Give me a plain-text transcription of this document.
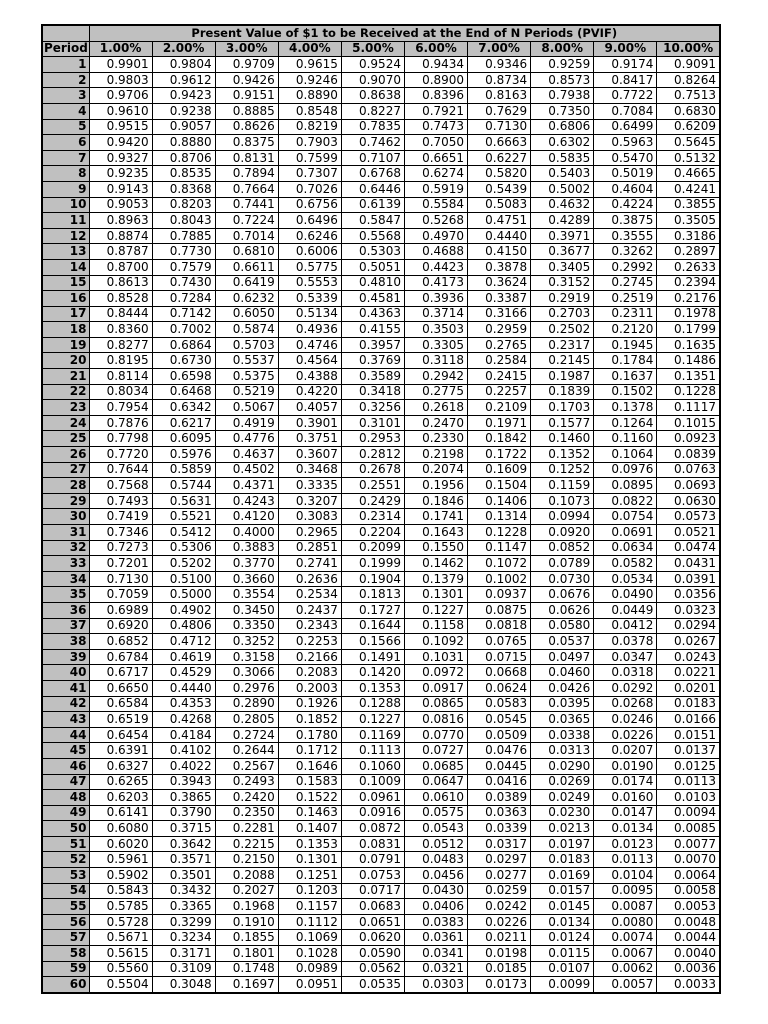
	Present Value of $1 to be Received at the End of N Periods (PVIF)									
Period	1.00%	2.00%	3.00%	4.00%	5.00%	6.00%	7.00%	8.00%	9.00%	10.00%
1	0.9901	0.9804	0.9709	0.9615	0.9524	0.9434	0.9346	0.9259	0.9174	0.9091
2	0.9803	0.9612	0.9426	0.9246	0.9070	0.8900	0.8734	0.8573	0.8417	0.8264
3	0.9706	0.9423	0.9151	0.8890	0.8638	0.8396	0.8163	0.7938	0.7722	0.7513
4	0.9610	0.9238	0.8885	0.8548	0.8227	0.7921	0.7629	0.7350	0.7084	0.6830
5	0.9515	0.9057	0.8626	0.8219	0.7835	0.7473	0.7130	0.6806	0.6499	0.6209
6	0.9420	0.8880	0.8375	0.7903	0.7462	0.7050	0.6663	0.6302	0.5963	0.5645
7	0.9327	0.8706	0.8131	0.7599	0.7107	0.6651	0.6227	0.5835	0.5470	0.5132
8	0.9235	0.8535	0.7894	0.7307	0.6768	0.6274	0.5820	0.5403	0.5019	0.4665
9	0.9143	0.8368	0.7664	0.7026	0.6446	0.5919	0.5439	0.5002	0.4604	0.4241
10	0.9053	0.8203	0.7441	0.6756	0.6139	0.5584	0.5083	0.4632	0.4224	0.3855
11	0.8963	0.8043	0.7224	0.6496	0.5847	0.5268	0.4751	0.4289	0.3875	0.3505
12	0.8874	0.7885	0.7014	0.6246	0.5568	0.4970	0.4440	0.3971	0.3555	0.3186
13	0.8787	0.7730	0.6810	0.6006	0.5303	0.4688	0.4150	0.3677	0.3262	0.2897
14	0.8700	0.7579	0.6611	0.5775	0.5051	0.4423	0.3878	0.3405	0.2992	0.2633
15	0.8613	0.7430	0.6419	0.5553	0.4810	0.4173	0.3624	0.3152	0.2745	0.2394
16	0.8528	0.7284	0.6232	0.5339	0.4581	0.3936	0.3387	0.2919	0.2519	0.2176
17	0.8444	0.7142	0.6050	0.5134	0.4363	0.3714	0.3166	0.2703	0.2311	0.1978
18	0.8360	0.7002	0.5874	0.4936	0.4155	0.3503	0.2959	0.2502	0.2120	0.1799
19	0.8277	0.6864	0.5703	0.4746	0.3957	0.3305	0.2765	0.2317	0.1945	0.1635
20	0.8195	0.6730	0.5537	0.4564	0.3769	0.3118	0.2584	0.2145	0.1784	0.1486
21	0.8114	0.6598	0.5375	0.4388	0.3589	0.2942	0.2415	0.1987	0.1637	0.1351
22	0.8034	0.6468	0.5219	0.4220	0.3418	0.2775	0.2257	0.1839	0.1502	0.1228
23	0.7954	0.6342	0.5067	0.4057	0.3256	0.2618	0.2109	0.1703	0.1378	0.1117
24	0.7876	0.6217	0.4919	0.3901	0.3101	0.2470	0.1971	0.1577	0.1264	0.1015
25	0.7798	0.6095	0.4776	0.3751	0.2953	0.2330	0.1842	0.1460	0.1160	0.0923
26	0.7720	0.5976	0.4637	0.3607	0.2812	0.2198	0.1722	0.1352	0.1064	0.0839
27	0.7644	0.5859	0.4502	0.3468	0.2678	0.2074	0.1609	0.1252	0.0976	0.0763
28	0.7568	0.5744	0.4371	0.3335	0.2551	0.1956	0.1504	0.1159	0.0895	0.0693
29	0.7493	0.5631	0.4243	0.3207	0.2429	0.1846	0.1406	0.1073	0.0822	0.0630
30	0.7419	0.5521	0.4120	0.3083	0.2314	0.1741	0.1314	0.0994	0.0754	0.0573
31	0.7346	0.5412	0.4000	0.2965	0.2204	0.1643	0.1228	0.0920	0.0691	0.0521
32	0.7273	0.5306	0.3883	0.2851	0.2099	0.1550	0.1147	0.0852	0.0634	0.0474
33	0.7201	0.5202	0.3770	0.2741	0.1999	0.1462	0.1072	0.0789	0.0582	0.0431
34	0.7130	0.5100	0.3660	0.2636	0.1904	0.1379	0.1002	0.0730	0.0534	0.0391
35	0.7059	0.5000	0.3554	0.2534	0.1813	0.1301	0.0937	0.0676	0.0490	0.0356
36	0.6989	0.4902	0.3450	0.2437	0.1727	0.1227	0.0875	0.0626	0.0449	0.0323
37	0.6920	0.4806	0.3350	0.2343	0.1644	0.1158	0.0818	0.0580	0.0412	0.0294
38	0.6852	0.4712	0.3252	0.2253	0.1566	0.1092	0.0765	0.0537	0.0378	0.0267
39	0.6784	0.4619	0.3158	0.2166	0.1491	0.1031	0.0715	0.0497	0.0347	0.0243
40	0.6717	0.4529	0.3066	0.2083	0.1420	0.0972	0.0668	0.0460	0.0318	0.0221
41	0.6650	0.4440	0.2976	0.2003	0.1353	0.0917	0.0624	0.0426	0.0292	0.0201
42	0.6584	0.4353	0.2890	0.1926	0.1288	0.0865	0.0583	0.0395	0.0268	0.0183
43	0.6519	0.4268	0.2805	0.1852	0.1227	0.0816	0.0545	0.0365	0.0246	0.0166
44	0.6454	0.4184	0.2724	0.1780	0.1169	0.0770	0.0509	0.0338	0.0226	0.0151
45	0.6391	0.4102	0.2644	0.1712	0.1113	0.0727	0.0476	0.0313	0.0207	0.0137
46	0.6327	0.4022	0.2567	0.1646	0.1060	0.0685	0.0445	0.0290	0.0190	0.0125
47	0.6265	0.3943	0.2493	0.1583	0.1009	0.0647	0.0416	0.0269	0.0174	0.0113
48	0.6203	0.3865	0.2420	0.1522	0.0961	0.0610	0.0389	0.0249	0.0160	0.0103
49	0.6141	0.3790	0.2350	0.1463	0.0916	0.0575	0.0363	0.0230	0.0147	0.0094
50	0.6080	0.3715	0.2281	0.1407	0.0872	0.0543	0.0339	0.0213	0.0134	0.0085
51	0.6020	0.3642	0.2215	0.1353	0.0831	0.0512	0.0317	0.0197	0.0123	0.0077
52	0.5961	0.3571	0.2150	0.1301	0.0791	0.0483	0.0297	0.0183	0.0113	0.0070
53	0.5902	0.3501	0.2088	0.1251	0.0753	0.0456	0.0277	0.0169	0.0104	0.0064
54	0.5843	0.3432	0.2027	0.1203	0.0717	0.0430	0.0259	0.0157	0.0095	0.0058
55	0.5785	0.3365	0.1968	0.1157	0.0683	0.0406	0.0242	0.0145	0.0087	0.0053
56	0.5728	0.3299	0.1910	0.1112	0.0651	0.0383	0.0226	0.0134	0.0080	0.0048
57	0.5671	0.3234	0.1855	0.1069	0.0620	0.0361	0.0211	0.0124	0.0074	0.0044
58	0.5615	0.3171	0.1801	0.1028	0.0590	0.0341	0.0198	0.0115	0.0067	0.0040
59	0.5560	0.3109	0.1748	0.0989	0.0562	0.0321	0.0185	0.0107	0.0062	0.0036
60	0.5504	0.3048	0.1697	0.0951	0.0535	0.0303	0.0173	0.0099	0.0057	0.0033
